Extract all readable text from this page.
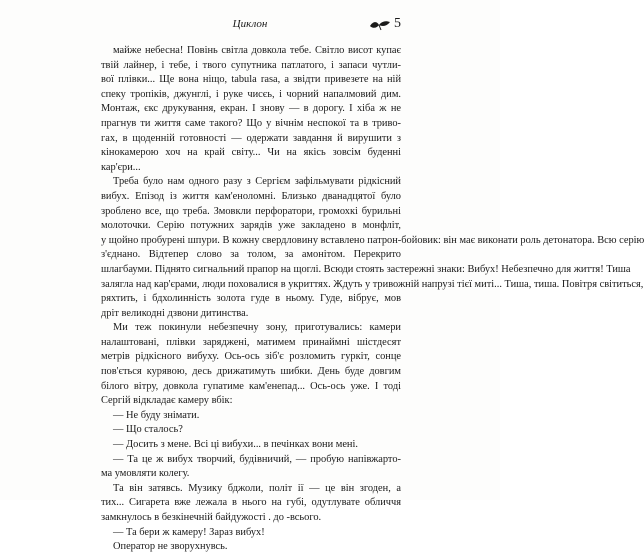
Циклон	5
майже небесна! Повінь світла довкола тебе. Світло висот купає
твій лайнер, і тебе, і твого супутника патлатого, і запаси чутли-
вої плівки... Ще вона ніщо, tabula rasa, а звідти привезете на ній
спеку тропіків, джунглі, і руке чисєь, і чорний напалмовий дим.
Монтаж, єкс друкування, екран. І знову — в дорогу. І хіба ж не
прагнув ти життя саме такого? Що у вічнім неспокої та в триво-
гах, в щоденній готовності — одержати завдання й вирушити з
кінокамерою хоч на край світу... Чи на якісь зовсім буденні
кар'єри...
Треба було нам одного разу з Сергієм зафільмувати рідкісний
вибух. Епізод із життя кам'еноломні. Близько дванадцятої було
зроблено все, що треба. Змовкли перфоратори, громохкі бурильні
молоточки. Серію потужних зарядів уже закладено в монфліт,
у щойно пробурені шпури. В кожну свердловину вставлено патрон-бойовик: він має виконати роль детонатора. Всю серію
з'єднано. Відтепер слово за толом, за амонітом. Перекрито
шлагбауми. Піднято сигнальний прапор на щоглі. Всюди стоять застережні знаки: Вибух! Небезпечно для життя! Тиша
залягла над кар'єрами, люди поховалися в укриттях. Ждуть у тривожній напрузі тієї миті... Тиша, тиша. Повітря світиться,
ряхтить, і бдхолинність золота гуде в ньому. Гуде, вібрує, мов
дріт великодні дзвони дитинства.
Ми теж покинули небезпечну зону, приготувались: камери
налаштовані, плівки заряджені, матимем принаймні шістдесят
метрів рідкісного вибуху. Ось-ось зіб'є розломить гуркіт, сонце
пов'ється курявою, десь дрижатимуть шибки. День буде довгим
білого вітру, довкола гупатиме кам'енепад... Ось-ось уже. І тоді
Сергій відкладає камеру вбік:
— Не буду знімати.
— Що сталось?
— Досить з мене. Всі ці вибухи... в печінках вони мені.
— Та це ж вибух творчий, будівничий, — пробую напівжарто-
ма умовляти колегу.
Та він затявсь. Музику бджоли, політ ії — це він згоден, а
тих... Сигарета вже лежала в нього на губі, одутлувате обличчя
замкнулось в безкінечній байдужості . до -всього.
— Та бери ж камеру! Зараз вибух!
Оператор не зворухнувсь.
